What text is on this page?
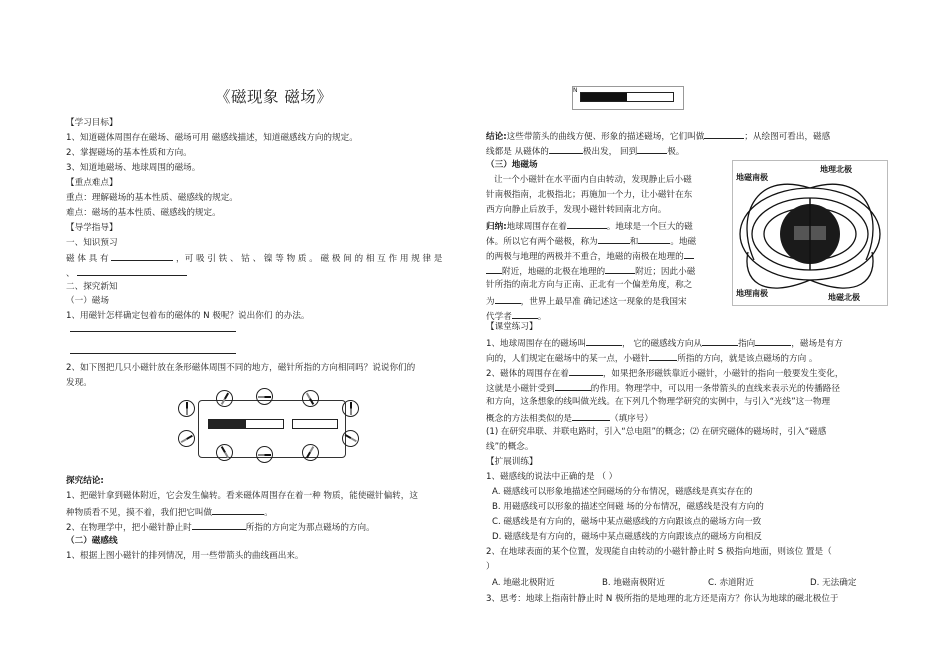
《磁现象 磁场》
【学习目标】
1、知道磁体周围存在磁场、磁场可用 磁感线描述，知道磁感线方向的规定。
2、掌握磁场的基本性质和方向。
3、知道地磁场、地球周围的磁场。
【重点难点】
重点：理解磁场的基本性质、磁感线的规定。
难点：磁场的基本性质、磁感线的规定。
【导学指导】
一、知识预习
磁 体 具 有	，可 吸 引 铁 、 钴 、 镍 等 物 质 。 磁 极 间 的 相 互 作 用 规 律 是
、
二、探究新知
（一）磁场
1、用磁针怎样确定包着布的磁体的 N 极呢？说出你们 的办法。
2、如下图把几只小磁针放在条形磁体周围不同的地方，磁针所指的方向相同吗？说说你们的
发现。
探究结论:
1、把磁针拿到磁体附近，它会发生偏转。看来磁体周围存在着一种 物质，能使磁针偏转，这
种物质看不见，摸不着，我们把它叫做	。
2、在物理学中，把小磁针静止时	所指的方向定为那点磁场的方向。
（二）磁感线
1、根据上图小磁针的排列情况，用一些带箭头的曲线画出来。
N
结论:这些带箭头的曲线方便、形象的描述磁场，它们叫做	；从绘图可看出，磁感
线都是 从磁体的	极出发， 回到	极。
（三）地磁场
让一个小磁针在水平面内自由转动，发现静止后小磁
针南极指南，北极指北；再施加一个力，让小磁针在东
西方向静止后放手，发现小磁针转回南北方向。
归纳:地球周围存在着	。地球是一个巨大的磁
体。所以它有两个磁极，称为	和	。地磁
的两极与地理的两极并不重合，地磁的南极在地理的
附近，地磁的北极在地理的	附近；因此小磁
针所指的南北方向与正南、正北有一个偏差角度，称之
为	，世界上最早准 确记述这一现象的是我国宋
代学者	。
地理北极
地磁南极
地理南极	地磁北极
【课堂练习】
1、地球周围存在的磁场叫	， 它的磁感线方向从	指向	，磁场是有方
向的，人们规定在磁场中的某一点，小磁针	所指的方向，就是该点磁场的方向 。
2、磁体的周围存在着	，如果把条形磁铁靠近小磁针，小磁针的指向一般要发生变化，
这就是小磁针受到	的作用。物理学中，可以用一条带箭头的直线来表示光的传播路径
和方向，这条想象的线叫做光线。在下列几个物理学研究的实例中，与引入“光线”这一物理
概念的方法相类似的是	（填序号）
(1) 在研究串联、并联电路时，引入“总电阻”的概念；⑵ 在研究磁体的磁场时，引入“磁感
线”的概念。
【扩展训练】
1、磁感线的说法中正确的是 （ ）
A. 磁感线可以形象地描述空间磁场的分布情况，磁感线是真实存在的
B. 用磁感线可以形象的描述空间磁 场的分布情况，磁感线是没有方向的
C. 磁感线是有方向的，磁场中某点磁感线的方向跟该点的磁场方向一致
D. 磁感线是有方向的，磁场中某点磁感线的方向跟该点的磁场方向相反
2、在地球表面的某个位置，发现能自由转动的小磁针静止时 S 极指向地面，则该位 置是（
）
A. 地磁北极附近	B. 地磁南极附近	C. 赤道附近	D. 无法确定
3、思考：地球上指南针静止时 N 极所指的是地理的北方还是南方？你认为地球的磁北极位于
